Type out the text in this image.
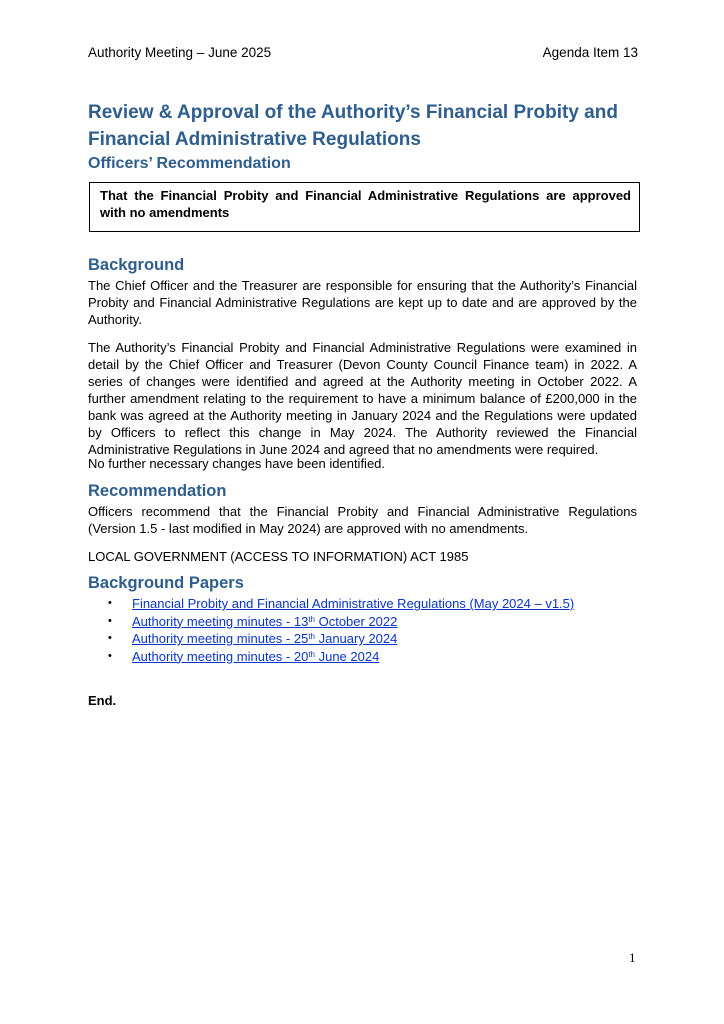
Authority Meeting – June 2025	Agenda Item 13
Review & Approval of the Authority’s Financial Probity and Financial Administrative Regulations
Officers’ Recommendation
That the Financial Probity and Financial Administrative Regulations are approved with no amendments
Background

The Chief Officer and the Treasurer are responsible for ensuring that the Authority’s Financial Probity and Financial Administrative Regulations are kept up to date and are approved by the Authority.

The Authority’s Financial Probity and Financial Administrative Regulations were examined in detail by the Chief Officer and Treasurer (Devon County Council Finance team) in 2022. A series of changes were identified and agreed at the Authority meeting in October 2022. A further amendment relating to the requirement to have a minimum balance of £200,000 in the bank was agreed at the Authority meeting in January 2024 and the Regulations were updated by Officers to reflect this change in May 2024. The Authority reviewed the Financial Administrative Regulations in June 2024 and agreed that no amendments were required.

No further necessary changes have been identified.

Recommendation

Officers recommend that the Financial Probity and Financial Administrative Regulations (Version 1.5 - last modified in May 2024) are approved with no amendments.

LOCAL GOVERNMENT (ACCESS TO INFORMATION) ACT 1985

Background Papers
• Financial Probity and Financial Administrative Regulations (May 2024 – v1.5)
• Authority meeting minutes - 13th October 2022
• Authority meeting minutes - 25th January 2024
• Authority meeting minutes - 20th June 2024
End.
1
